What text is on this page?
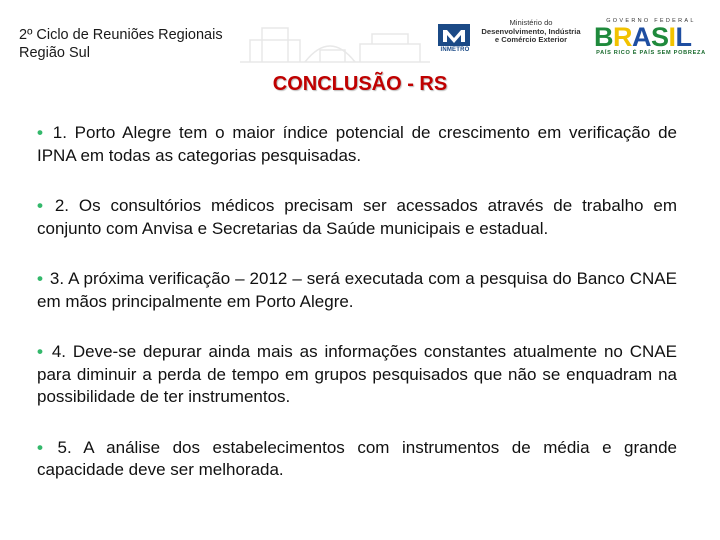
2º Ciclo de Reuniões Regionais
Região Sul	INMETRO
Ministério do
Desenvolvimento, Indústria
e Comércio Exterior
GOVERNO FEDERAL
BRASIL
PAÍS RICO É PAÍS SEM POBREZA
CONCLUSÃO - RS

• 1. Porto Alegre tem o maior índice potencial de crescimento em verificação de IPNA em todas as categorias pesquisadas.

• 2. Os consultórios médicos precisam ser acessados através de trabalho em conjunto com Anvisa e Secretarias da Saúde municipais e estadual.

• 3. A próxima verificação – 2012 – será executada com a pesquisa do Banco CNAE em mãos principalmente em Porto Alegre.

• 4. Deve-se depurar ainda mais as informações constantes atualmente no CNAE para diminuir a perda de tempo em grupos pesquisados que não se enquadram na possibilidade de ter instrumentos.

• 5. A análise dos estabelecimentos com instrumentos de média e grande capacidade deve ser melhorada.
